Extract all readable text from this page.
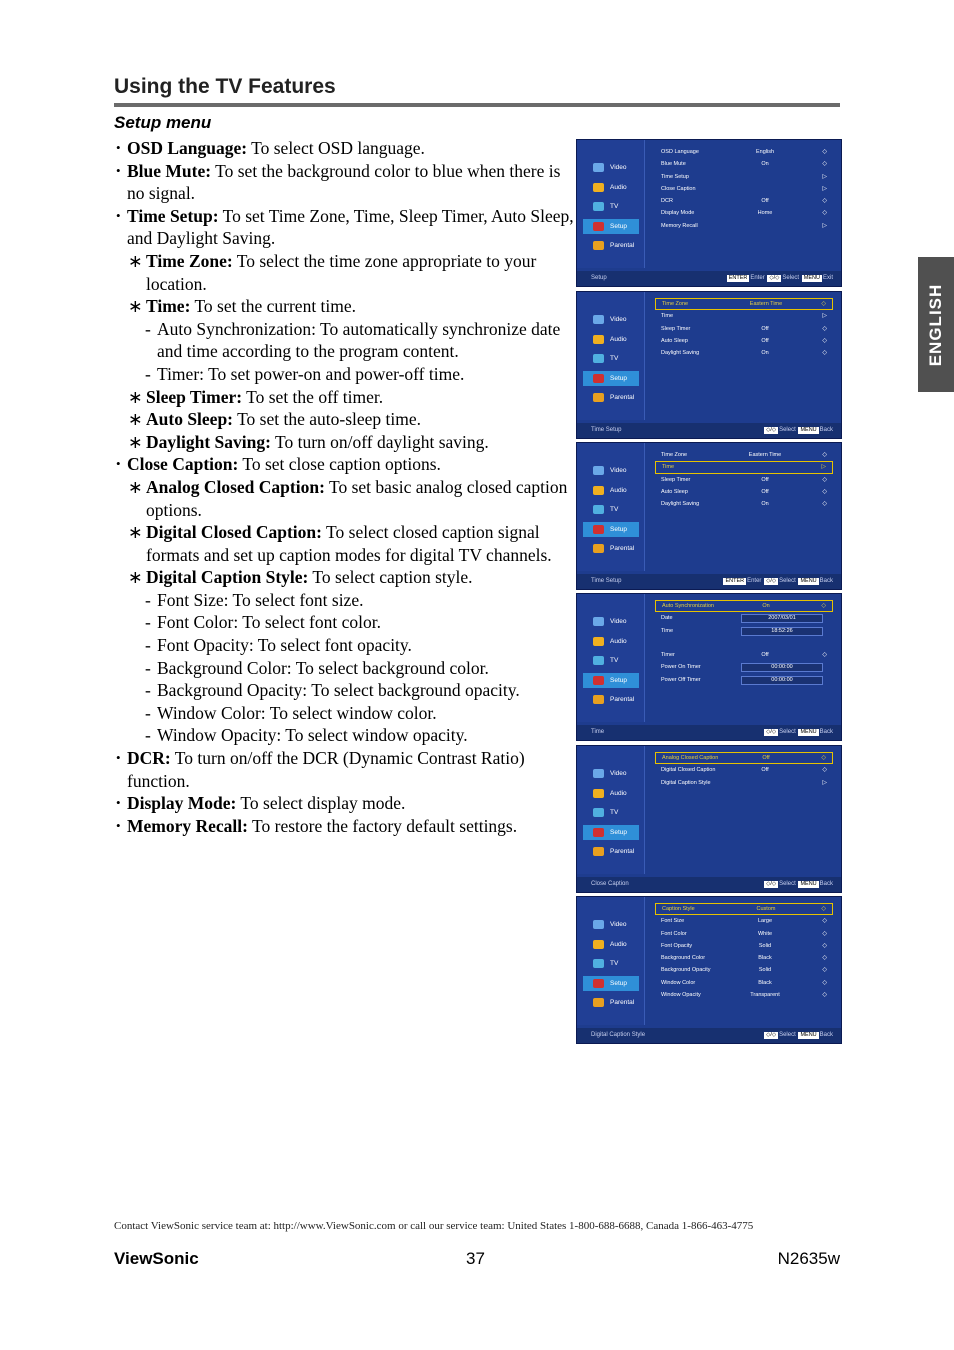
Using the TV Features
Setup menu
ENGLISH
• OSD Language: To select OSD language.
• Blue Mute: To set the background color to blue when there is no signal.
• Time Setup: To set Time Zone, Time, Sleep Timer, Auto Sleep, and Daylight Saving.
∗ Time Zone: To select the time zone appropriate to your location.
∗ Time: To set the current time.
- Auto Synchronization: To automatically synchronize date and time according to the program content.
- Timer: To set power-on and power-off time.
∗ Sleep Timer: To set the off timer.
∗ Auto Sleep: To set the auto-sleep time.
∗ Daylight Saving: To turn on/off daylight saving.
• Close Caption: To set close caption options.
∗ Analog Closed Caption: To set basic analog closed caption options.
∗ Digital Closed Caption: To select closed caption signal formats and set up caption modes for digital TV channels.
∗ Digital Caption Style: To select caption style.
- Font Size: To select font size.
- Font Color: To select font color.
- Font Opacity: To select font opacity.
- Background Color: To select background color.
- Background Opacity: To select background opacity.
- Window Color: To select window color.
- Window Opacity: To select window opacity.
• DCR: To turn on/off the DCR (Dynamic Contrast Ratio) function.
• Display Mode: To select display mode.
• Memory Recall: To restore the factory default settings.
Video
Audio
TV
Setup
Parental
OSD Language	English	◇
Blue Mute	On	◇
Time Setup	▷
Close Caption	▷
DCR	Off	◇
Display Mode	Home	◇
Memory Recall	▷
Setup	ENTER Enter ◇/◇ Select MENU Exit
Video
Audio
TV
Setup
Parental
Time Zone	Eastern Time	◇
Time	▷
Sleep Timer	Off	◇
Auto Sleep	Off	◇
Daylight Saving	On	◇
Time Setup	◇/◇ Select MENU Back
Video
Audio
TV
Setup
Parental
Time Zone	Eastern Time	◇
Time	▷
Sleep Timer	Off	◇
Auto Sleep	Off	◇
Daylight Saving	On	◇
Time Setup	ENTER Enter ◇/◇ Select MENU Back
Video
Audio
TV
Setup
Parental
Auto Synchronization	On	◇
Date	2007/03/01
Time	18:52:26
Timer	Off	◇
Power On Timer	00:00:00
Power Off Timer	00:00:00
Time	◇/◇ Select MENU Back
Video
Audio
TV
Setup
Parental
Analog Closed Caption	Off	◇
Digital Closed Caption	Off	◇
Digital Caption Style	▷
Close Caption	◇/◇ Select MENU Back
Video
Audio
TV
Setup
Parental
Caption Style	Custom	◇
Font Size	Large	◇
Font Color	White	◇
Font Opacity	Solid	◇
Background Color	Black	◇
Background Opacity	Solid	◇
Window Color	Black	◇
Window Opacity	Transparent	◇
Digital Caption Style	◇/◇ Select MENU Back
Contact ViewSonic service team at: http://www.ViewSonic.com or call our service team: United States 1-800-688-6688, Canada 1-866-463-4775
ViewSonic	37	N2635w
